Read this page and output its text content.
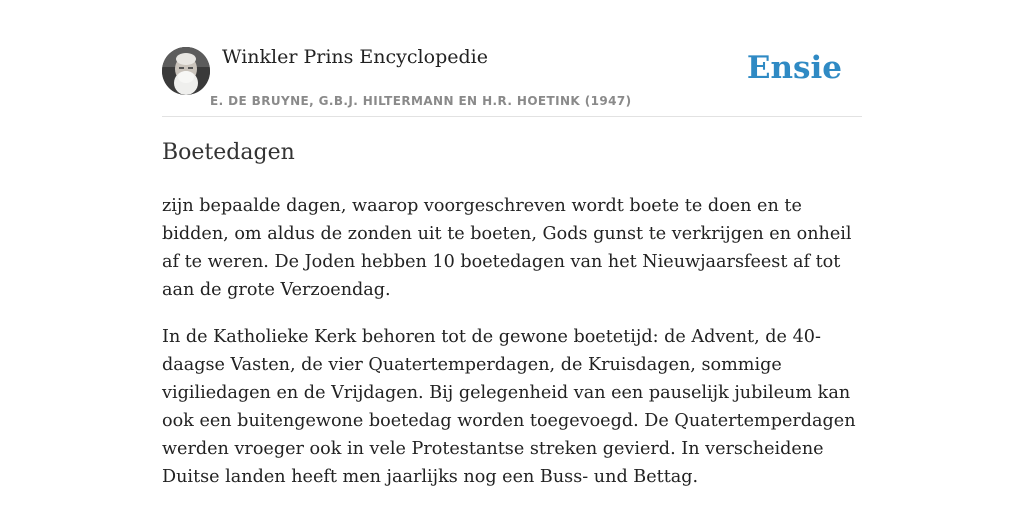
Winkler Prins Encyclopedie
E. DE BRUYNE, G.B.J. HILTERMANN EN H.R. HOETINK (1947)
Ensie
Boetedagen

zijn bepaalde dagen, waarop voorgeschreven wordt boete te doen en te bidden, om aldus de zonden uit te boeten, Gods gunst te verkrijgen en onheil af te weren. De Joden hebben 10 boetedagen van het Nieuwjaarsfeest af tot aan de grote Verzoendag.

In de Katholieke Kerk behoren tot de gewone boetetijd: de Advent, de 40-daagse Vasten, de vier Quatertemperdagen, de Kruisdagen, sommige vigiliedagen en de Vrijdagen. Bij gelegenheid van een pauselijk jubileum kan ook een buitengewone boetedag worden toegevoegd. De Quatertemperdagen werden vroeger ook in vele Protestantse streken gevierd. In verscheidene Duitse landen heeft men jaarlijks nog een Buss- und Bettag.
